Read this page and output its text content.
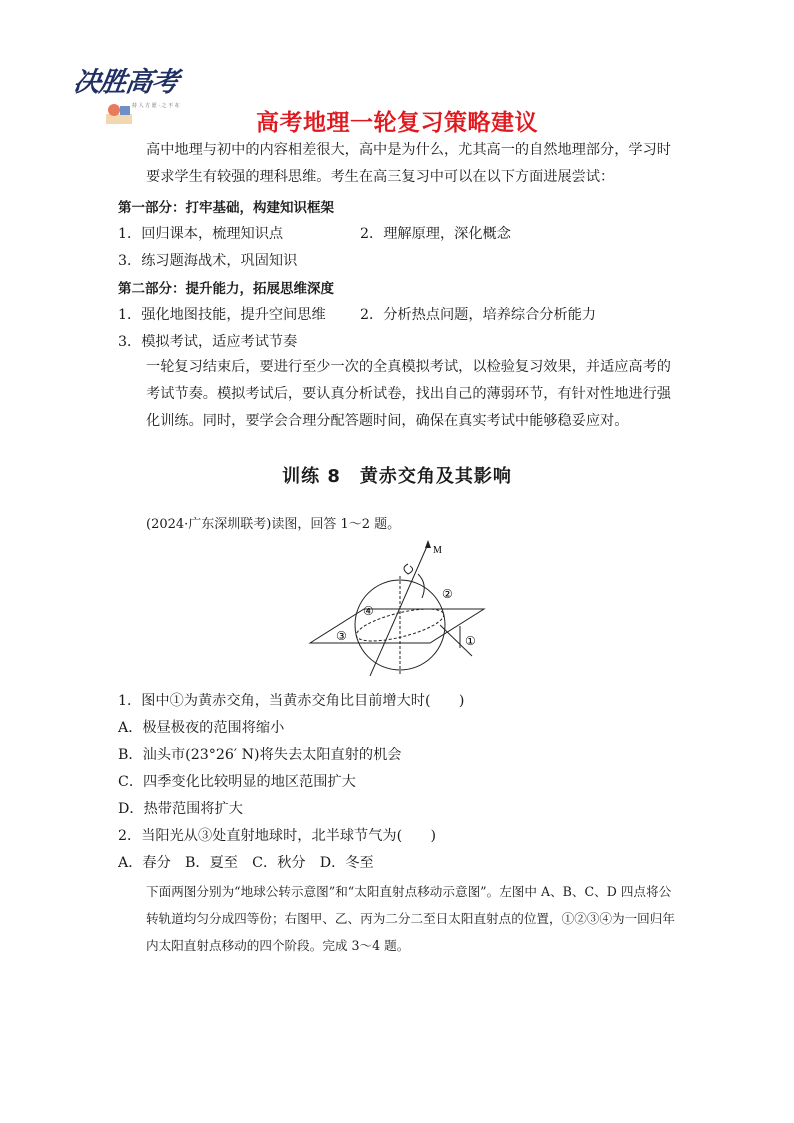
决胜高考
持 人 方 愿 · 之 不 在
高考地理一轮复习策略建议
高中地理与初中的内容相差很大，高中是为什么，尤其高一的自然地理部分，学习时要求学生有较强的理科思维。考生在高三复习中可以在以下方面进展尝试：
第一部分：打牢基础，构建知识框架
1．回归课本，梳理知识点	2．理解原理，深化概念
3．练习题海战术，巩固知识
第二部分：提升能力，拓展思维深度
1．强化地图技能，提升空间思维 2．分析热点问题，培养综合分析能力
3．模拟考试，适应考试节奏
一轮复习结束后，要进行至少一次的全真模拟考试，以检验复习效果，并适应高考的考试节奏。模拟考试后，要认真分析试卷，找出自己的薄弱环节，有针对性地进行强化训练。同时，要学会合理分配答题时间，确保在真实考试中能够稳妥应对。
训练 8　黄赤交角及其影响
(2024·广东深圳联考)读图，回答 1～2 题。
M
②
①
③
④
1．图中①为黄赤交角，当黄赤交角比目前增大时(　　)
A．极昼极夜的范围将缩小
B．汕头市(23°26′ N)将失去太阳直射的机会
C．四季变化比较明显的地区范围扩大
D．热带范围将扩大
2．当阳光从③处直射地球时，北半球节气为(　　)
A．春分　B．夏至　C．秋分　D．冬至
下面两图分别为“地球公转示意图”和“太阳直射点移动示意图”。左图中 A、B、C、D 四点将公转轨道均匀分成四等份；右图甲、乙、丙为二分二至日太阳直射点的位置，①②③④为一回归年内太阳直射点移动的四个阶段。完成 3～4 题。
